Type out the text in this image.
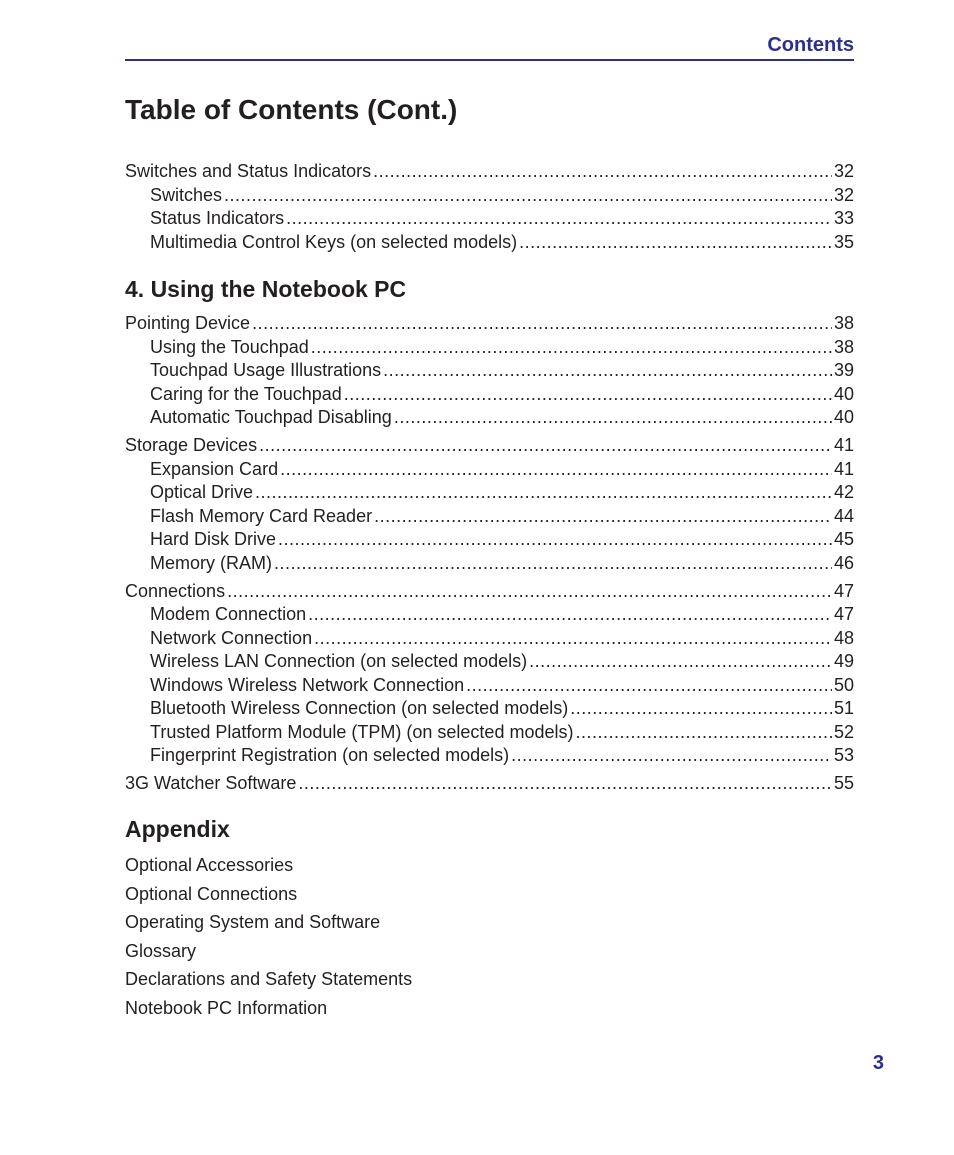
Contents
Table of Contents (Cont.)
Switches and Status Indicators .....	32
Switches .....	32
Status Indicators .....	33
Multimedia Control Keys (on selected models) .....	35
4. Using the Notebook PC
Pointing Device .....	38
Using the Touchpad .....	38
Touchpad Usage Illustrations .....	39
Caring for the Touchpad .....	40
Automatic Touchpad Disabling .....	40
Storage Devices .....	41
Expansion Card .....	41
Optical Drive .....	42
Flash Memory Card Reader .....	44
Hard Disk Drive .....	45
Memory (RAM) .....	46
Connections .....	47
Modem Connection .....	47
Network Connection .....	48
Wireless LAN Connection (on selected models) .....	49
Windows Wireless Network Connection .....	50
Bluetooth Wireless Connection (on selected models) .....	51
Trusted Platform Module (TPM) (on selected models) .....	52
Fingerprint Registration (on selected models) .....	53
3G Watcher Software .....	55
Appendix
Optional Accessories
Optional Connections
Operating System and Software
Glossary
Declarations and Safety Statements
Notebook PC Information
3
